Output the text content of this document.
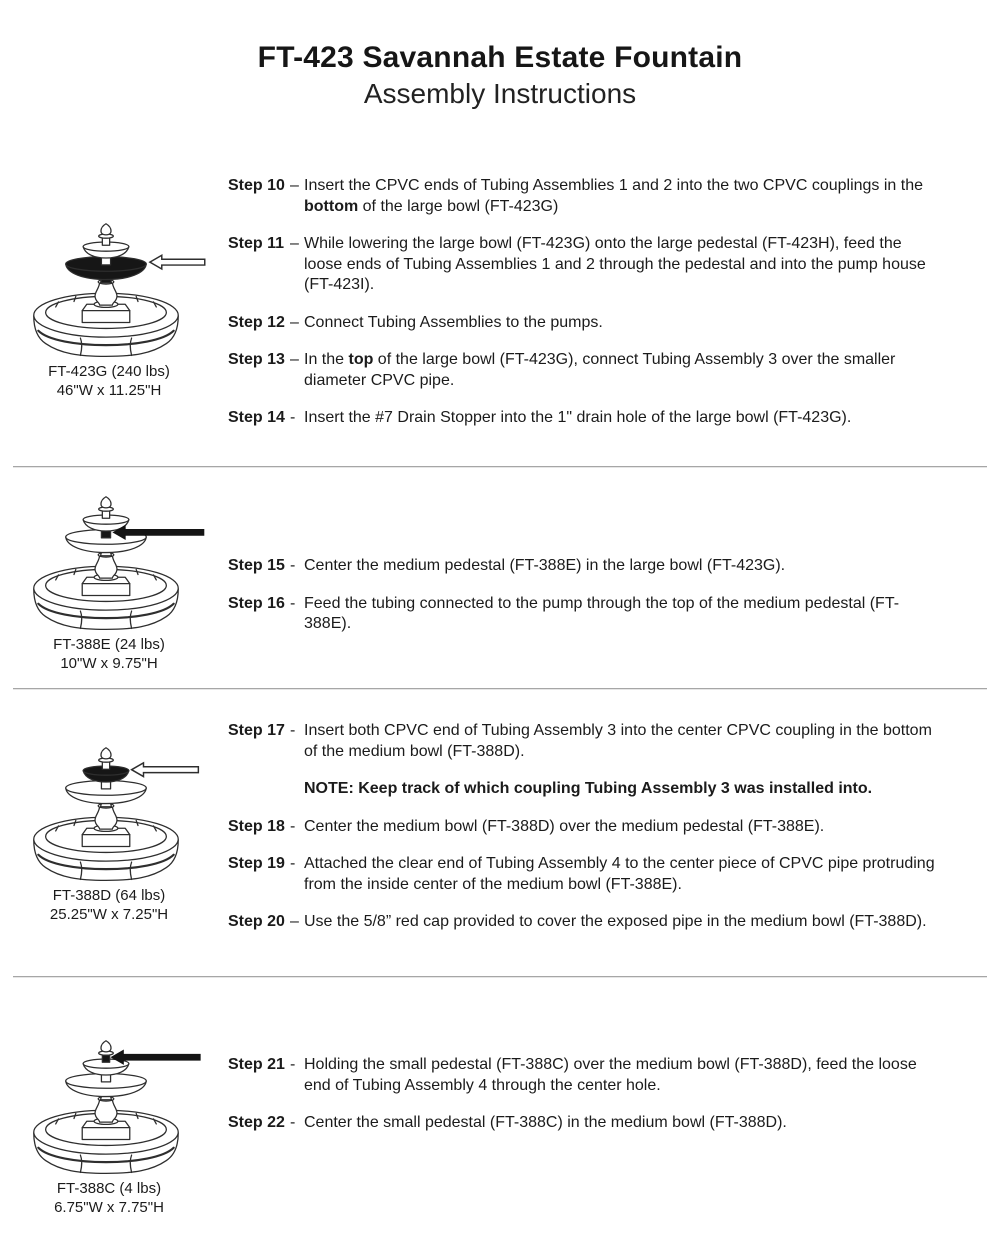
FT-423 Savannah Estate Fountain
Assembly Instructions
FT-423G (240 lbs)
46"W x 11.25"H
Step 10 – Insert the CPVC ends of Tubing Assemblies 1 and 2 into the two CPVC couplings in the
bottom of the large bowl (FT-423G)
Step 11 – While lowering the large bowl (FT-423G) onto the large pedestal (FT-423H), feed the
loose ends of Tubing Assemblies 1 and 2 through the pedestal and into the pump house
(FT-423I).
Step 12 – Connect Tubing Assemblies to the pumps.
Step 13 – In the top of the large bowl (FT-423G), connect Tubing Assembly 3 over the smaller
diameter CPVC pipe.
Step 14 - Insert the #7 Drain Stopper into the 1" drain hole of the large bowl (FT-423G).
FT-388E (24 lbs)
10"W x 9.75"H
Step 15 - Center the medium pedestal (FT-388E) in the large bowl (FT-423G).
Step 16 - Feed the tubing connected to the pump through the top of the medium pedestal (FT-
388E).
FT-388D (64 lbs)
25.25"W x 7.25"H
Step 17 - Insert both CPVC end of Tubing Assembly 3 into the center CPVC coupling in the bottom
of the medium bowl (FT-388D).
NOTE: Keep track of which coupling Tubing Assembly 3 was installed into.
Step 18 - Center the medium bowl (FT-388D) over the medium pedestal (FT-388E).
Step 19 - Attached the clear end of Tubing Assembly 4 to the center piece of CPVC pipe protruding
from the inside center of the medium bowl (FT-388E).
Step 20 – Use the 5/8” red cap provided to cover the exposed pipe in the medium bowl (FT-388D).
FT-388C (4 lbs)
6.75"W x 7.75"H
Step 21 - Holding the small pedestal (FT-388C) over the medium bowl (FT-388D), feed the loose
end of Tubing Assembly 4 through the center hole.
Step 22 - Center the small pedestal (FT-388C) in the medium bowl (FT-388D).
